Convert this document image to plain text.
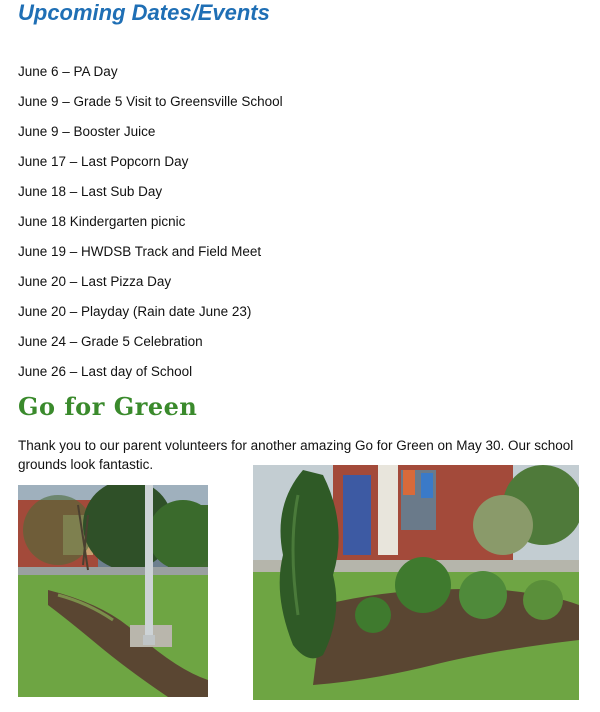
Upcoming Dates/Events
June 6 – PA Day
June 9 – Grade 5 Visit to Greensville School
June 9 – Booster Juice
June 17 – Last Popcorn Day
June 18 – Last Sub Day
June 18 Kindergarten picnic
June 19 – HWDSB Track and Field Meet
June 20 – Last Pizza Day
June 20 – Playday (Rain date June 23)
June 24 – Grade 5 Celebration
June 26 – Last day of School
Go for Green

Thank you to our parent volunteers for another amazing Go for Green on May 30. Our school grounds look fantastic.
